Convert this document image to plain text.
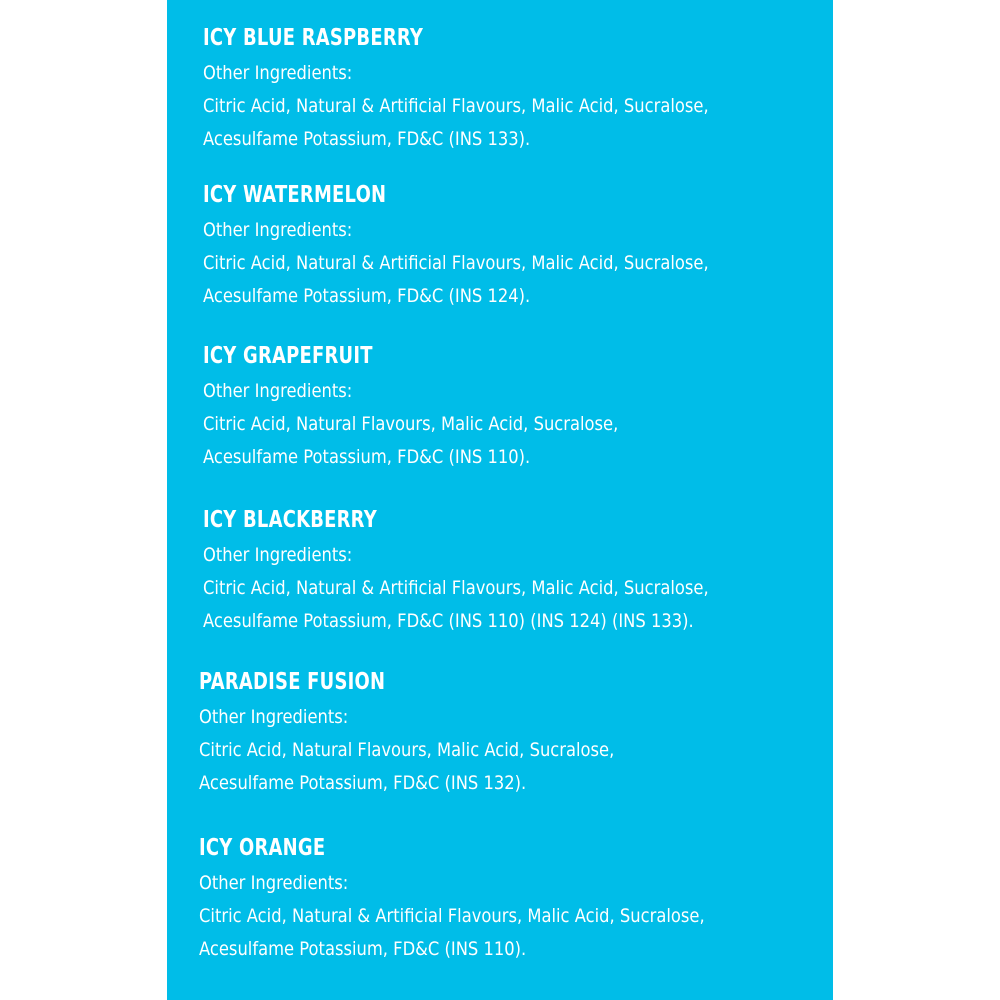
ICY BLUE RASPBERRY
Other Ingredients:
Citric Acid, Natural & Artificial Flavours, Malic Acid, Sucralose,
Acesulfame Potassium, FD&C (INS 133).
ICY WATERMELON
Other Ingredients:
Citric Acid, Natural & Artificial Flavours, Malic Acid, Sucralose,
Acesulfame Potassium, FD&C (INS 124).
ICY GRAPEFRUIT
Other Ingredients:
Citric Acid, Natural Flavours, Malic Acid, Sucralose,
Acesulfame Potassium, FD&C (INS 110).
ICY BLACKBERRY
Other Ingredients:
Citric Acid, Natural & Artificial Flavours, Malic Acid, Sucralose,
Acesulfame Potassium, FD&C (INS 110) (INS 124) (INS 133).
PARADISE FUSION
Other Ingredients:
Citric Acid, Natural Flavours, Malic Acid, Sucralose,
Acesulfame Potassium, FD&C (INS 132).
ICY ORANGE
Other Ingredients:
Citric Acid, Natural & Artificial Flavours, Malic Acid, Sucralose,
Acesulfame Potassium, FD&C (INS 110).
